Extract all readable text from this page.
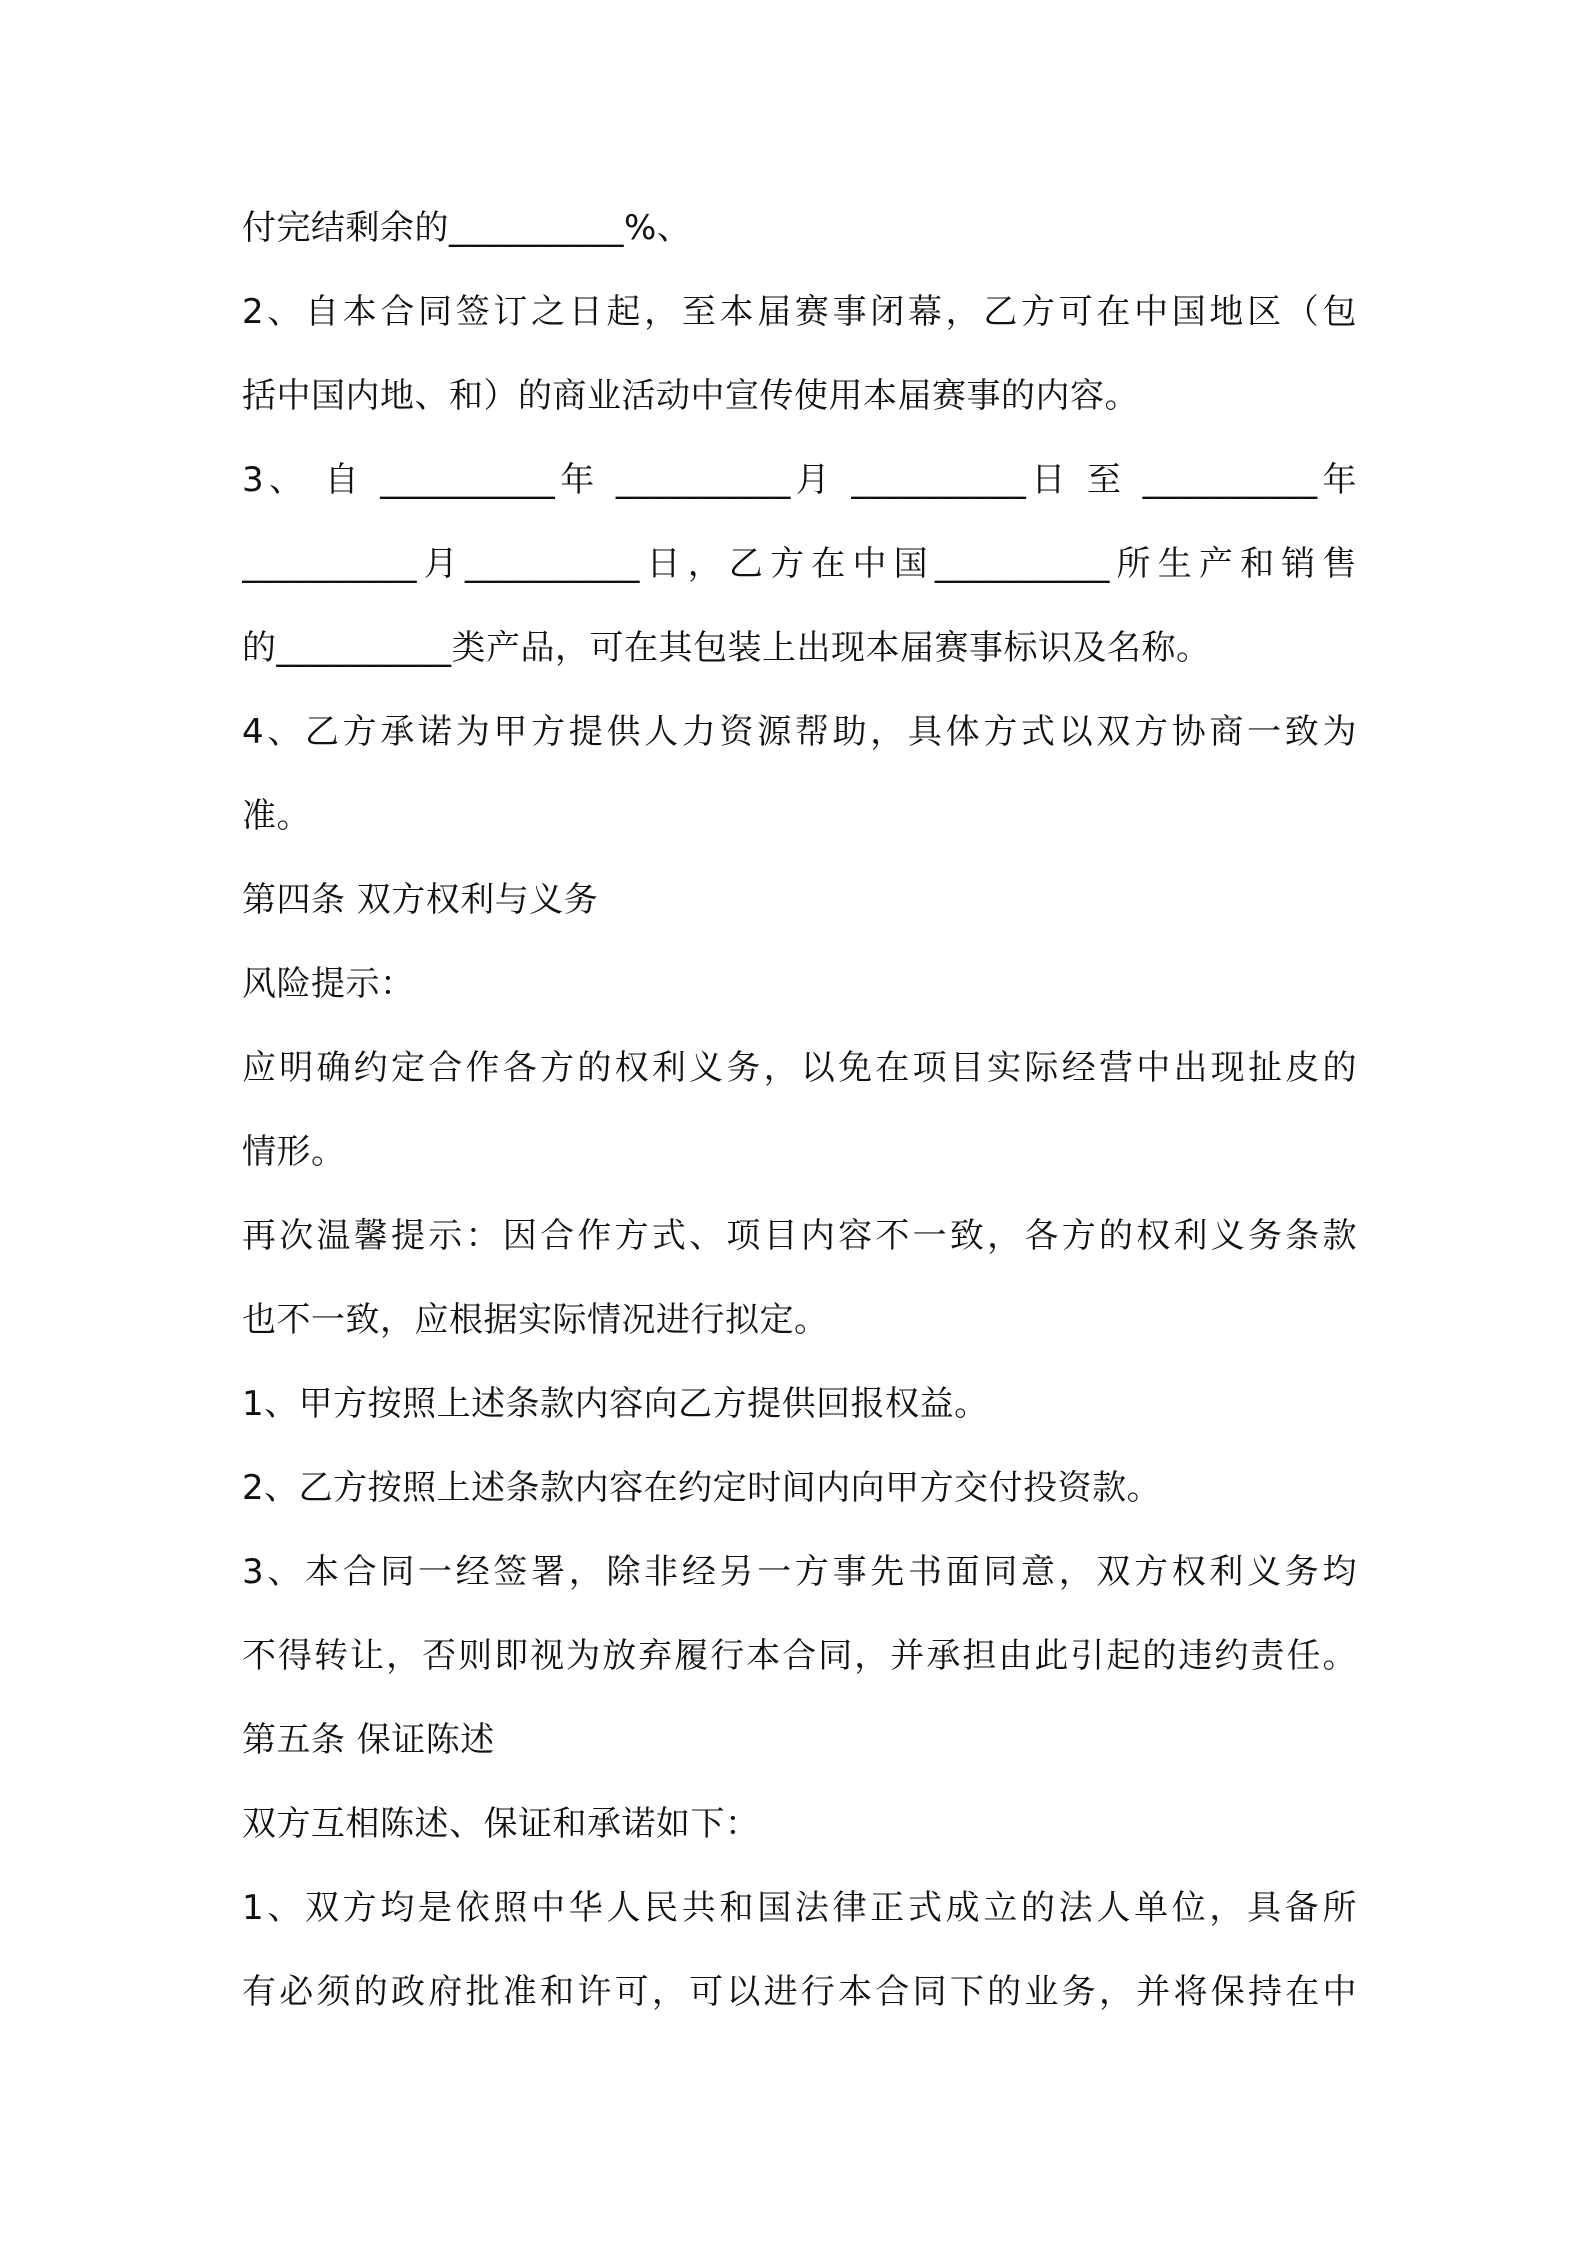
付完结剩余的__________%、
2、自本合同签订之日起，至本届赛事闭幕，乙方可在中国地区（包
括中国内地、和）的商业活动中宣传使用本届赛事的内容。
3、 自 __________年 __________月 __________日 至 __________年
__________月__________日，乙方在中国__________所生产和销售
的__________类产品，可在其包装上出现本届赛事标识及名称。
4、乙方承诺为甲方提供人力资源帮助，具体方式以双方协商一致为
准。
第四条 双方权利与义务
风险提示：
应明确约定合作各方的权利义务，以免在项目实际经营中出现扯皮的
情形。
再次温馨提示：因合作方式、项目内容不一致，各方的权利义务条款
也不一致，应根据实际情况进行拟定。
1、甲方按照上述条款内容向乙方提供回报权益。
2、乙方按照上述条款内容在约定时间内向甲方交付投资款。
3、本合同一经签署，除非经另一方事先书面同意，双方权利义务均
不得转让，否则即视为放弃履行本合同，并承担由此引起的违约责任。
第五条 保证陈述
双方互相陈述、保证和承诺如下：
1、双方均是依照中华人民共和国法律正式成立的法人单位，具备所
有必须的政府批准和许可，可以进行本合同下的业务，并将保持在中
